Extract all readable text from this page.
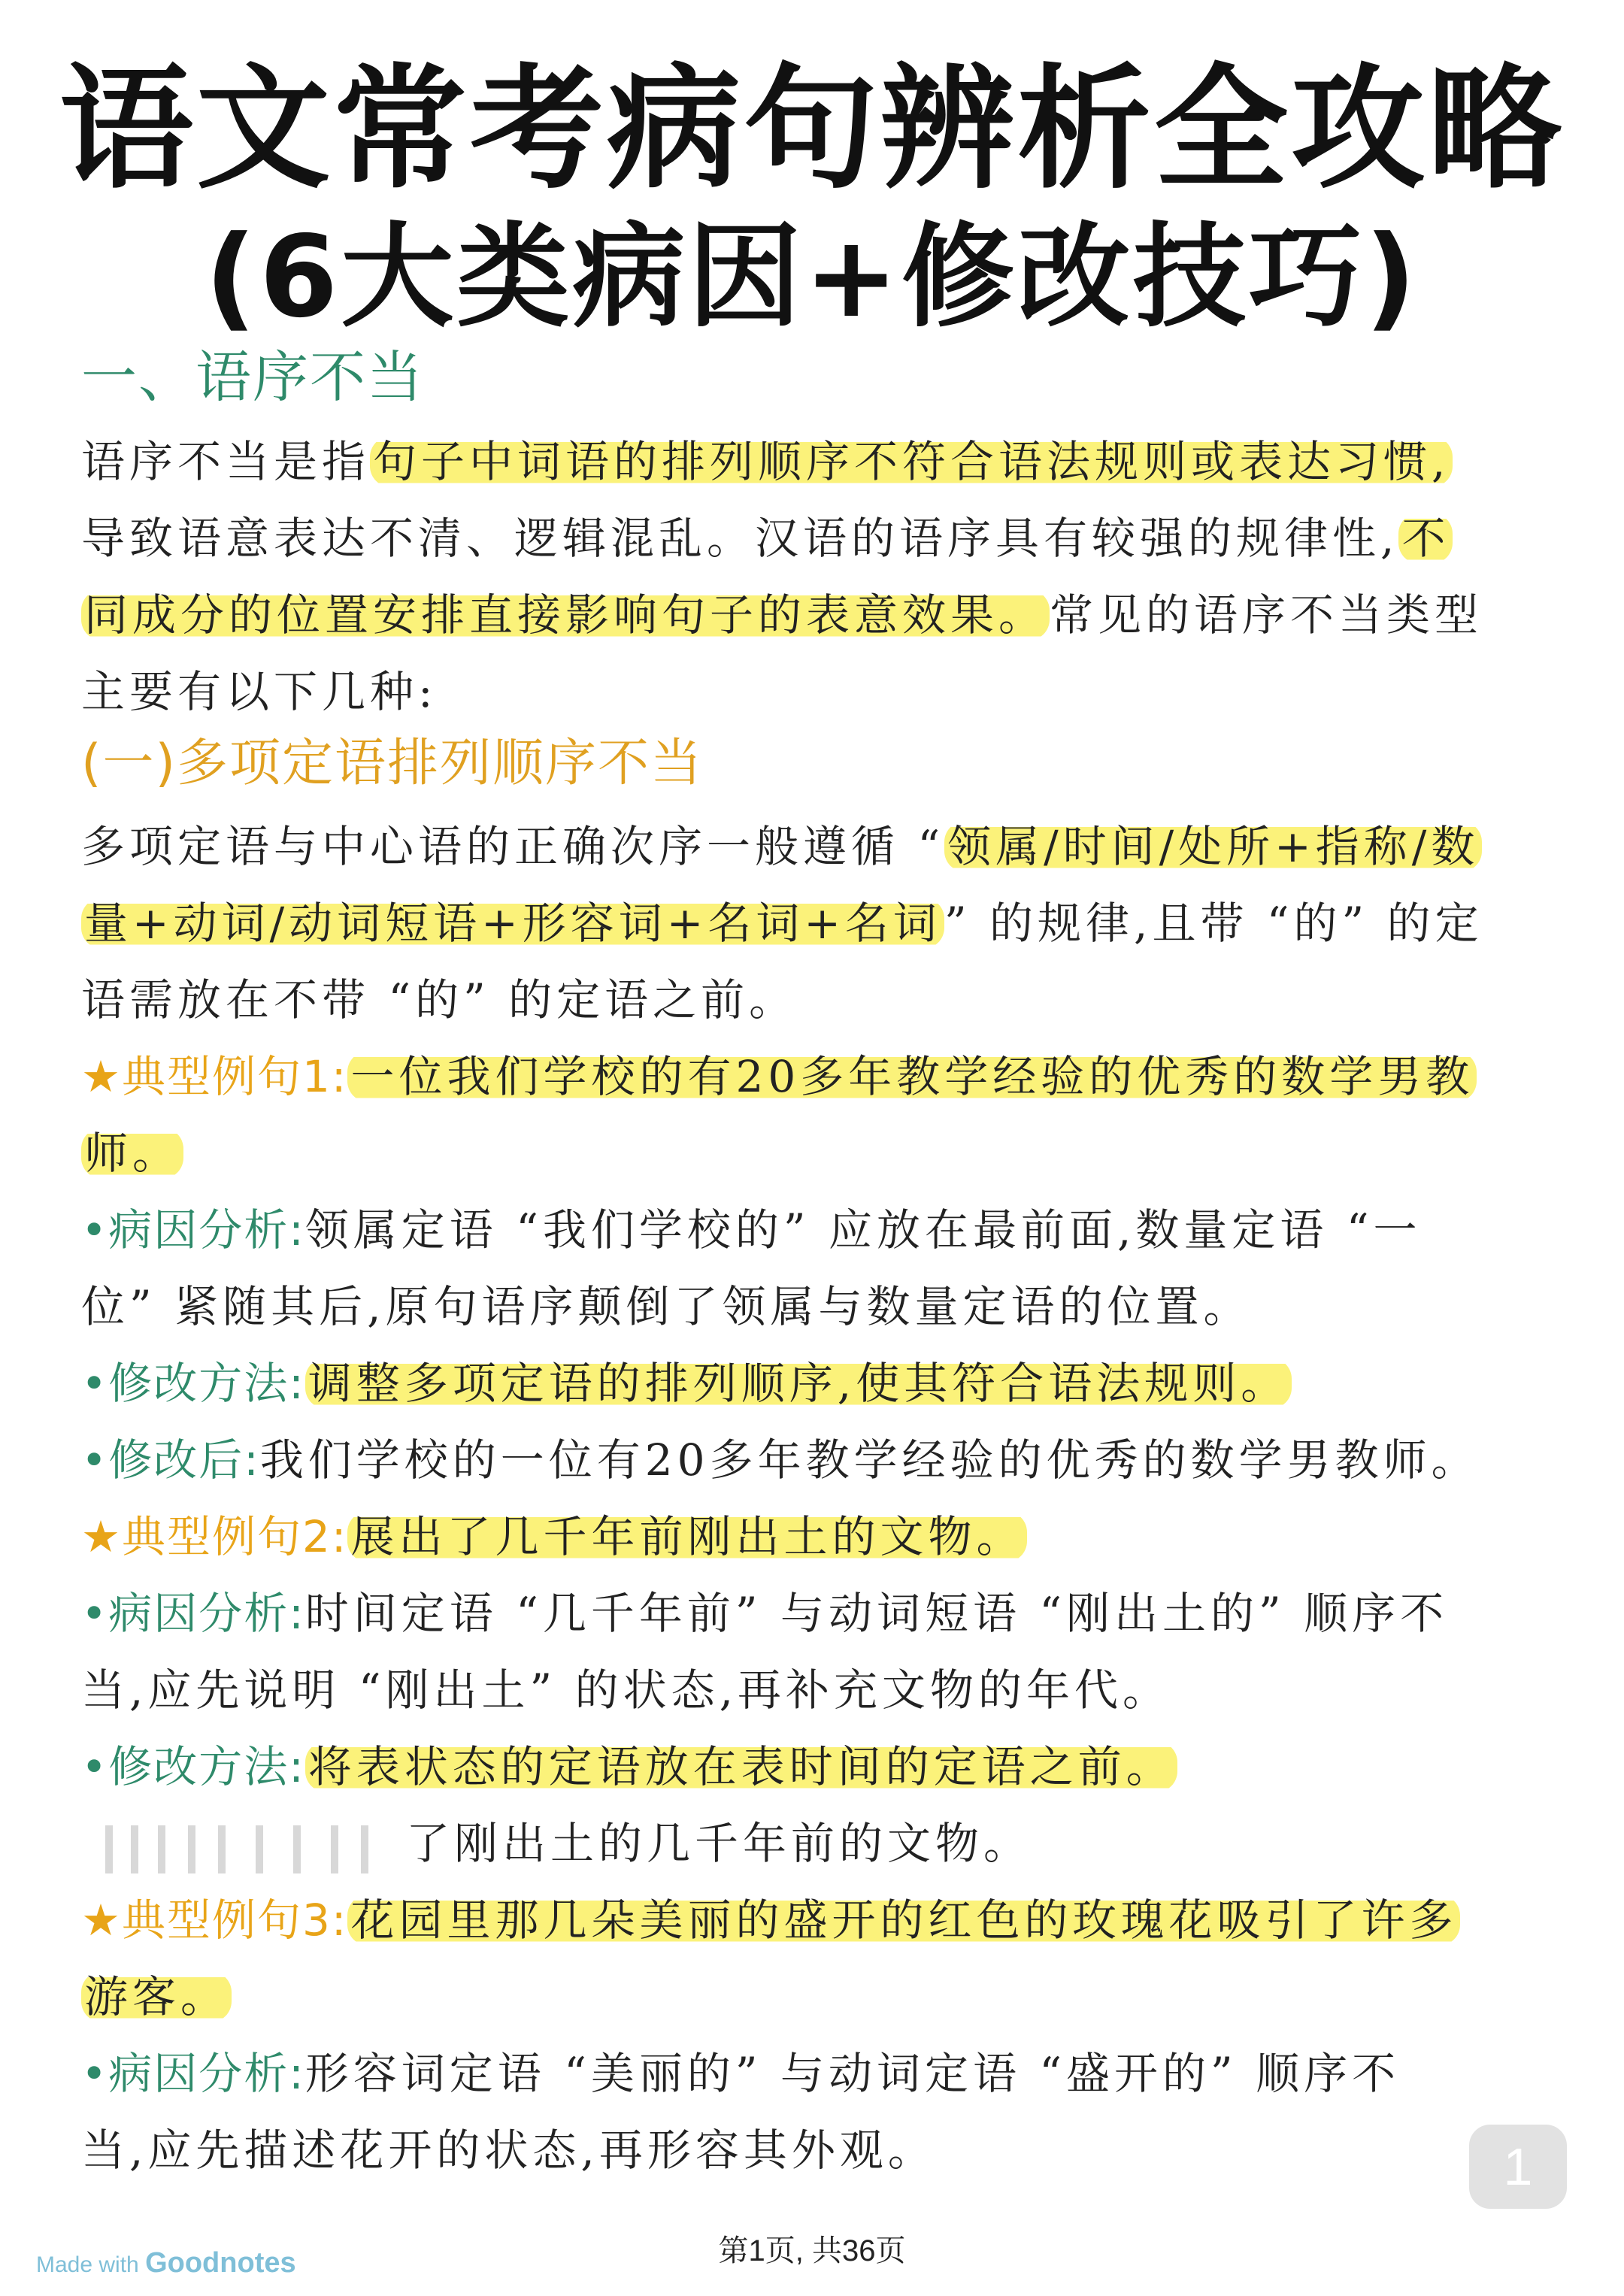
语文常考病句辨析全攻略
(6大类病因+修改技巧)
一、语序不当
语序不当是指句子中词语的排列顺序不符合语法规则或表达习惯,
导致语意表达不清、逻辑混乱。汉语的语序具有较强的规律性,不
同成分的位置安排直接影响句子的表意效果。常见的语序不当类型
主要有以下几种:
(一)多项定语排列顺序不当
多项定语与中心语的正确次序一般遵循 “领属/时间/处所+指称/数
量+动词/动词短语+形容词+名词+名词” 的规律,且带 “的” 的定
语需放在不带 “的” 的定语之前。
★典型例句1:一位我们学校的有20多年教学经验的优秀的数学男教
师。
•病因分析:领属定语 “我们学校的” 应放在最前面,数量定语 “一
位” 紧随其后,原句语序颠倒了领属与数量定语的位置。
•修改方法:调整多项定语的排列顺序,使其符合语法规则。
•修改后:我们学校的一位有20多年教学经验的优秀的数学男教师。
★典型例句2:展出了几千年前刚出土的文物。
•病因分析:时间定语 “几千年前” 与动词短语 “刚出土的” 顺序不
当,应先说明 “刚出土” 的状态,再补充文物的年代。
•修改方法:将表状态的定语放在表时间的定语之前。
了刚出土的几千年前的文物。
★典型例句3:花园里那几朵美丽的盛开的红色的玫瑰花吸引了许多
游客。
•病因分析:形容词定语 “美丽的” 与动词定语 “盛开的” 顺序不
当,应先描述花开的状态,再形容其外观。	1
Made with Goodnotes	第1页, 共36页
